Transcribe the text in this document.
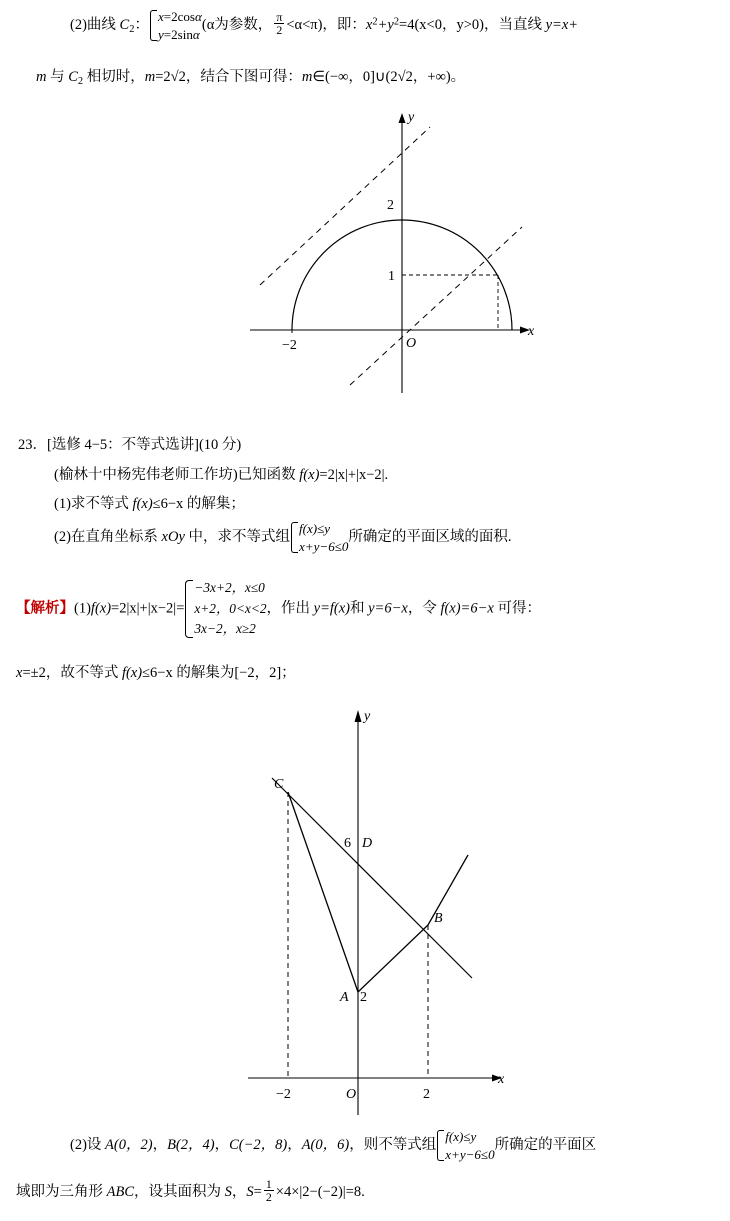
(2)曲线 $C_2$：x=2cosα
y=2sinα(α为参数， $\frac{\pi}{2} <\alpha<\pi$)，即：$x^2+y^2=4(x<0$，y>0)，当直线 y=x+
m 与 $C_2$ 相切时，m=2√2，结合下图可得：m∈(−∞，0]∪(2√2，+∞)。
x
y
O
−2
2
1
23．[选修 4−5：不等式选讲](10 分)
(榆林十中杨宪伟老师工作坊)已知函数 f(x)=2|x|+|x−2|.
(1)求不等式 f(x)≤6−x 的解集；
(2)在直角坐标系 xOy 中，求不等式组f(x)≤y
x+y−6≤0所确定的平面区域的面积.
【解析】(1)f(x)=2|x|+|x−2|=−3x+2，x≤0
x+2，0<x<2
3x−2，x≥2，作出 y=f(x)和 y=6−x，令 f(x)=6−x 可得：
x=±2，故不等式 f(x)≤6−x 的解集为[−2，2]；
x
y
O
−2	2
C
6 D
B
A 2
(2)设 A(0，2)，B(2，4)，C(−2，8)，A(0，6)，则不等式组f(x)≤y
x+y−6≤0所确定的平面区
域即为三角形 ABC，设其面积为 S，$S= \frac{1}{2} \times 4\times|2-(-2)|=8$.
